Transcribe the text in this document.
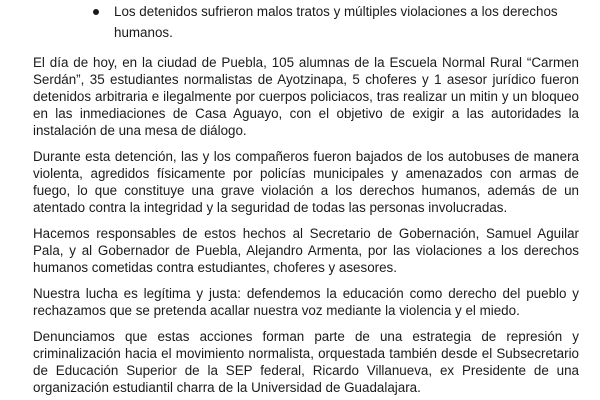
Los detenidos sufrieron malos tratos y múltiples violaciones a los derechos humanos.

El día de hoy, en la ciudad de Puebla, 105 alumnas de la Escuela Normal Rural “Carmen Serdán”, 35 estudiantes normalistas de Ayotzinapa, 5 choferes y 1 asesor jurídico fueron detenidos arbitraria e ilegalmente por cuerpos policiacos, tras realizar un mitin y un bloqueo en las inmediaciones de Casa Aguayo, con el objetivo de exigir a las autoridades la instalación de una mesa de diálogo.

Durante esta detención, las y los compañeros fueron bajados de los autobuses de manera violenta, agredidos físicamente por policías municipales y amenazados con armas de fuego, lo que constituye una grave violación a los derechos humanos, además de un atentado contra la integridad y la seguridad de todas las personas involucradas.

Hacemos responsables de estos hechos al Secretario de Gobernación, Samuel Aguilar Pala, y al Gobernador de Puebla, Alejandro Armenta, por las violaciones a los derechos humanos cometidas contra estudiantes, choferes y asesores.

Nuestra lucha es legítima y justa: defendemos la educación como derecho del pueblo y rechazamos que se pretenda acallar nuestra voz mediante la violencia y el miedo.

Denunciamos que estas acciones forman parte de una estrategia de represión y criminalización hacia el movimiento normalista, orquestada también desde el Subsecretario de Educación Superior de la SEP federal, Ricardo Villanueva, ex Presidente de una organización estudiantil charra de la Universidad de Guadalajara.
